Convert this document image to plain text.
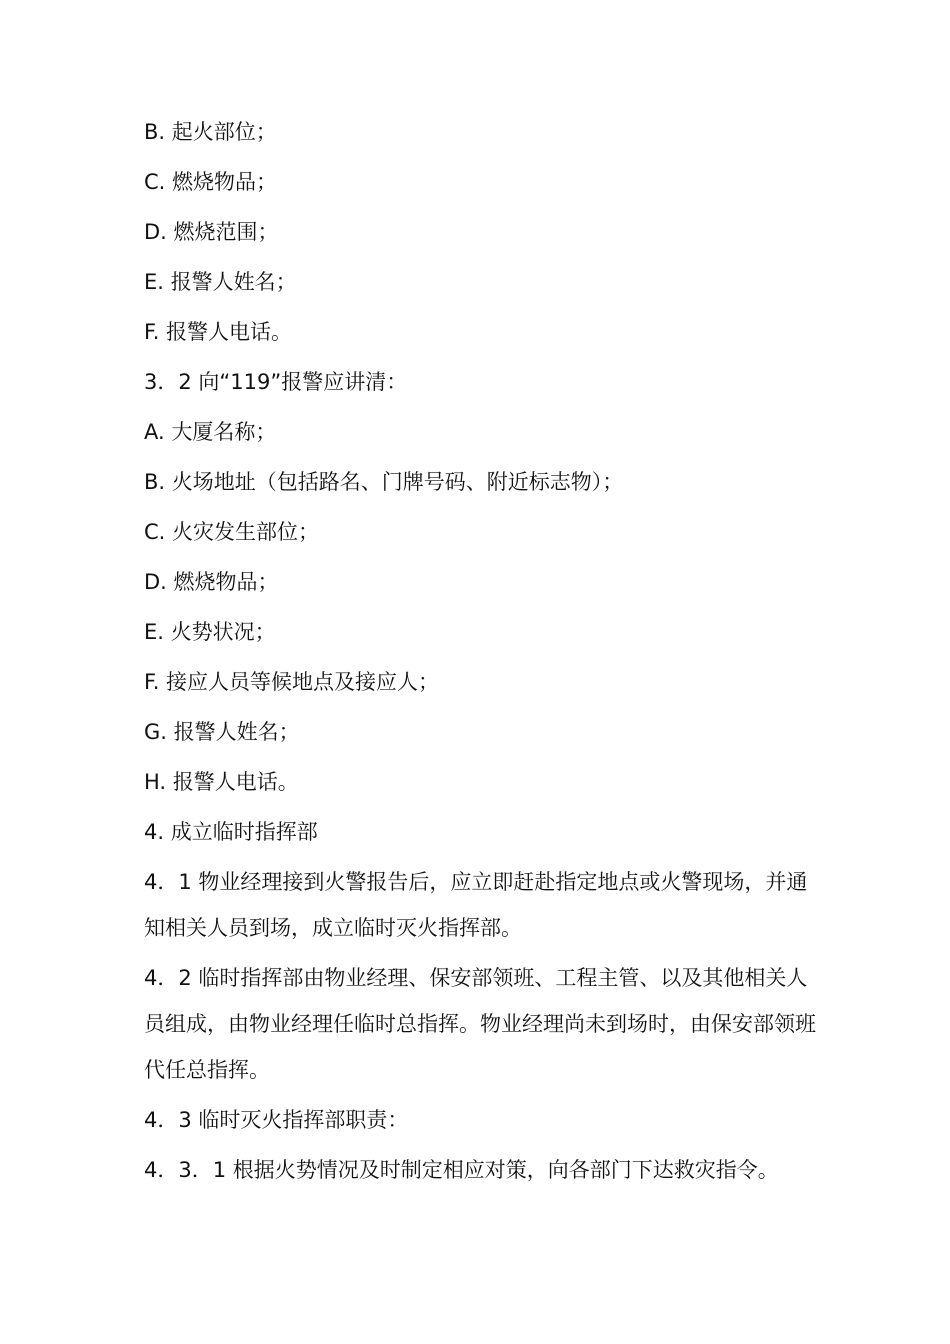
B. 起火部位；
C. 燃烧物品；
D. 燃烧范围；
E. 报警人姓名；
F. 报警人电话。
3．2 向“119”报警应讲清：
A. 大厦名称；
B. 火场地址（包括路名、门牌号码、附近标志物）；
C. 火灾发生部位；
D. 燃烧物品；
E. 火势状况；
F. 接应人员等候地点及接应人；
G. 报警人姓名；
H. 报警人电话。
4. 成立临时指挥部
4．1 物业经理接到火警报告后，应立即赶赴指定地点或火警现场，并通知相关人员到场，成立临时灭火指挥部。
4．2 临时指挥部由物业经理、保安部领班、工程主管、以及其他相关人员组成，由物业经理任临时总指挥。物业经理尚未到场时，由保安部领班代任总指挥。
4．3 临时灭火指挥部职责：
4．3．1 根据火势情况及时制定相应对策，向各部门下达救灾指令。
